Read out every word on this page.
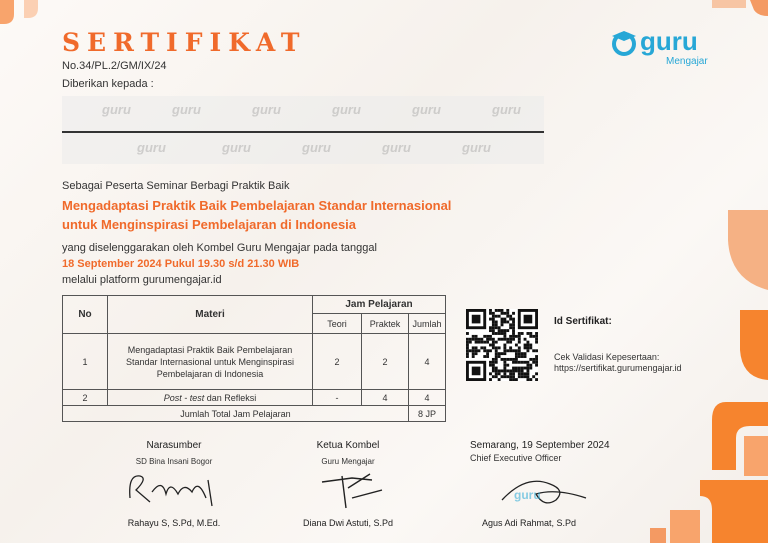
SERTIFIKAT
No.34/PL.2/GM/IX/24
Diberikan kepada :
guru	guru	guru	guru	guru	guru
guru	guru	guru	guru	guru
Sebagai Peserta Seminar Berbagi Praktik Baik
Mengadaptasi Praktik Baik Pembelajaran Standar Internasional
untuk Menginspirasi Pembelajaran di Indonesia
yang diselenggarakan oleh Kombel Guru Mengajar pada tanggal
18 September 2024 Pukul 19.30 s/d 21.30 WIB
melalui platform gurumengajar.id
No	Materi	Jam Pelajaran		
		Teori	Praktek	Jumlah
1	Mengadaptasi Praktik Baik Pembelajaran Standar Internasional untuk Menginspirasi Pembelajaran di Indonesia	2	2	4
2	Post - test dan Refleksi	-	4	4
Jumlah Total Jam Pelajaran				8 JP
guru
Mengajar
Id Sertifikat:
Cek Validasi Kepesertaan:
https://sertifikat.gurumengajar.id
Narasumber
SD Bina Insani Bogor
Rahayu S, S.Pd, M.Ed.
Ketua Kombel
Guru Mengajar
Diana Dwi Astuti, S.Pd
Semarang, 19 September 2024
Chief Executive Officer
guru
Agus Adi Rahmat, S.Pd
